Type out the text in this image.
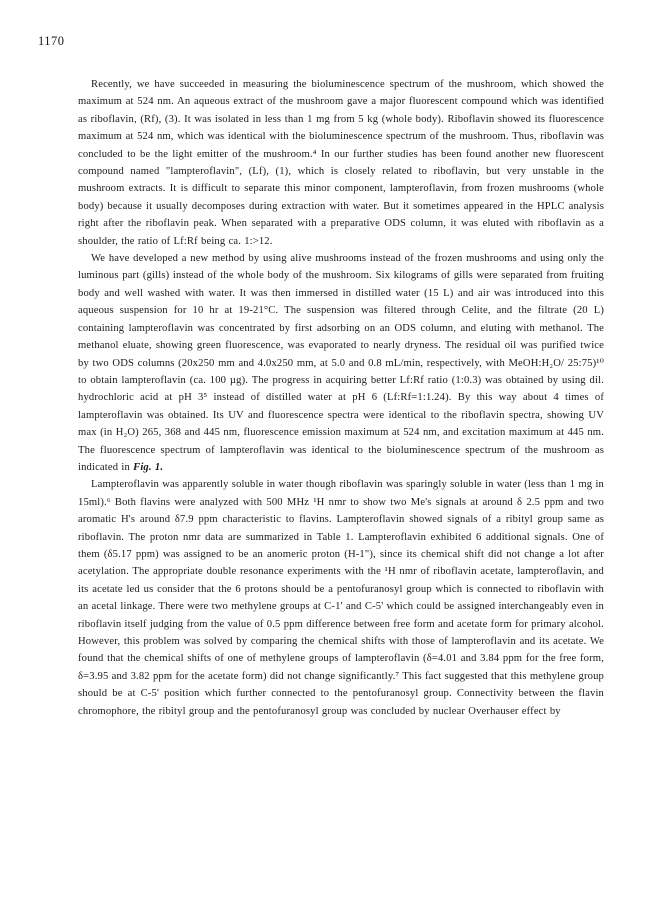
1170

Recently, we have succeeded in measuring the bioluminescence spectrum of the mushroom, which showed the maximum at 524 nm. An aqueous extract of the mushroom gave a major fluorescent compound which was identified as riboflavin, (Rf), (3). It was isolated in less than 1 mg from 5 kg (whole body). Riboflavin showed its fluorescence maximum at 524 nm, which was identical with the bioluminescence spectrum of the mushroom. Thus, riboflavin was concluded to be the light emitter of the mushroom.⁴ In our further studies has been found another new fluorescent compound named "lampteroflavin", (Lf), (1), which is closely related to riboflavin, but very unstable in the mushroom extracts. It is difficult to separate this minor component, lampteroflavin, from frozen mushrooms (whole body) because it usually decomposes during extraction with water. But it sometimes appeared in the HPLC analysis right after the riboflavin peak. When separated with a preparative ODS column, it was eluted with riboflavin as a shoulder, the ratio of Lf:Rf being ca. 1:>12.

We have developed a new method by using alive mushrooms instead of the frozen mushrooms and using only the luminous part (gills) instead of the whole body of the mushroom. Six kilograms of gills were separated from fruiting body and well washed with water. It was then immersed in distilled water (15 L) and air was introduced into this aqueous suspension for 10 hr at 19-21°C. The suspension was filtered through Celite, and the filtrate (20 L) containing lampteroflavin was concentrated by first adsorbing on an ODS column, and eluting with methanol. The methanol eluate, showing green fluorescence, was evaporated to nearly dryness. The residual oil was purified twice by two ODS columns (20x250 mm and 4.0x250 mm, at 5.0 and 0.8 mL/min, respectively, with MeOH:H₂O/ 25:75)¹⁰ to obtain lampteroflavin (ca. 100 µg). The progress in acquiring better Lf:Rf ratio (1:0.3) was obtained by using dil. hydrochloric acid at pH 3⁵ instead of distilled water at pH 6 (Lf:Rf=1:1.24). By this way about 4 times of lampteroflavin was obtained. Its UV and fluorescence spectra were identical to the riboflavin spectra, showing UV max (in H₂O) 265, 368 and 445 nm, fluorescence emission maximum at 524 nm, and excitation maximum at 445 nm. The fluorescence spectrum of lampteroflavin was identical to the bioluminescence spectrum of the mushroom as indicated in Fig. 1.

Lampteroflavin was apparently soluble in water though riboflavin was sparingly soluble in water (less than 1 mg in 15ml).⁶ Both flavins were analyzed with 500 MHz ¹H nmr to show two Me's signals at around δ 2.5 ppm and two aromatic H's around δ7.9 ppm characteristic to flavins. Lampteroflavin showed signals of a ribityl group same as riboflavin. The proton nmr data are summarized in Table 1. Lampteroflavin exhibited 6 additional signals. One of them (δ5.17 ppm) was assigned to be an anomeric proton (H-1"), since its chemical shift did not change a lot after acetylation. The appropriate double resonance experiments with the ¹H nmr of riboflavin acetate, lampteroflavin, and its acetate led us consider that the 6 protons should be a pentofuranosyl group which is connected to riboflavin with an acetal linkage. There were two methylene groups at C-1' and C-5' which could be assigned interchangeably even in riboflavin itself judging from the value of 0.5 ppm difference between free form and acetate form for primary alcohol. However, this problem was solved by comparing the chemical shifts with those of lampteroflavin and its acetate. We found that the chemical shifts of one of methylene groups of lampteroflavin (δ=4.01 and 3.84 ppm for the free form, δ=3.95 and 3.82 ppm for the acetate form) did not change significantly.⁷ This fact suggested that this methylene group should be at C-5' position which further connected to the pentofuranosyl group. Connectivity between the flavin chromophore, the ribityl group and the pentofuranosyl group was concluded by nuclear Overhauser effect by
